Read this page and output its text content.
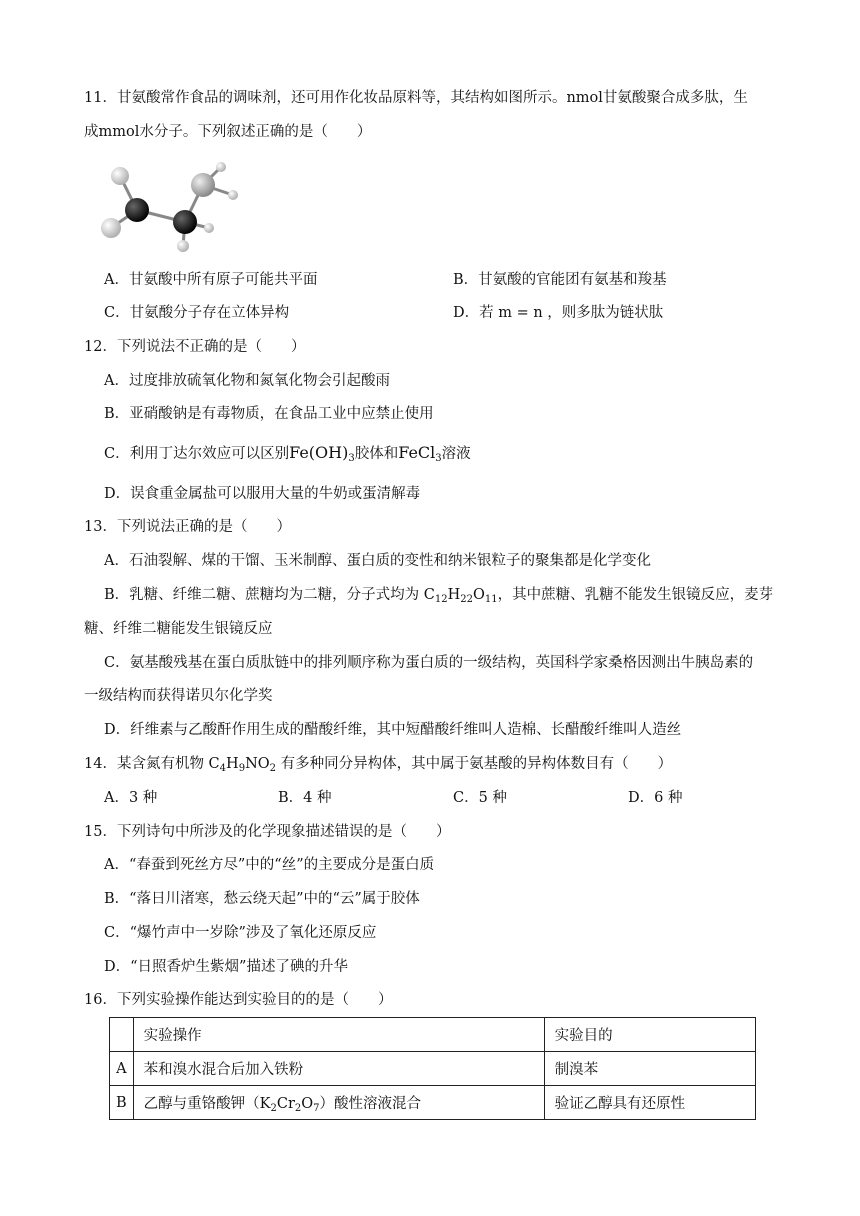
11．甘氨酸常作食品的调味剂，还可用作化妆品原料等，其结构如图所示。nmol甘氨酸聚合成多肽，生
成mmol水分子。下列叙述正确的是（　　）
A．甘氨酸中所有原子可能共平面	B．甘氨酸的官能团有氨基和羧基
C．甘氨酸分子存在立体异构	D．若 m = n ，则多肽为链状肽
12．下列说法不正确的是（　　）
A．过度排放硫氧化物和氮氧化物会引起酸雨
B．亚硝酸钠是有毒物质，在食品工业中应禁止使用
C．利用丁达尔效应可以区别$Fe(OH)_3$胶体和FeCl$_3$溶液
D．误食重金属盐可以服用大量的牛奶或蛋清解毒
13．下列说法正确的是（　　）
A．石油裂解、煤的干馏、玉米制醇、蛋白质的变性和纳米银粒子的聚集都是化学变化
B．乳糖、纤维二糖、蔗糖均为二糖，分子式均为 $C_{12}H_{22}O_{11}$，其中蔗糖、乳糖不能发生银镜反应，麦芽
糖、纤维二糖能发生银镜反应
C．氨基酸残基在蛋白质肽链中的排列顺序称为蛋白质的一级结构，英国科学家桑格因测出牛胰岛素的
一级结构而获得诺贝尔化学奖
D．纤维素与乙酸酐作用生成的醋酸纤维，其中短醋酸纤维叫人造棉、长醋酸纤维叫人造丝
14．某含氮有机物 $C_4H_9NO_2$ 有多种同分异构体，其中属于氨基酸的异构体数目有（　　）
A．3 种	B．4 种	C．5 种	D．6 种
15．下列诗句中所涉及的化学现象描述错误的是（　　）
A．“春蚕到死丝方尽”中的“丝”的主要成分是蛋白质
B．“落日川渚寒，愁云绕天起”中的“云”属于胶体
C．“爆竹声中一岁除”涉及了氧化还原反应
D．“日照香炉生紫烟”描述了碘的升华
16．下列实验操作能达到实验目的的是（　　）
	实验操作	实验目的
A	苯和溴水混合后加入铁粉	制溴苯
B	乙醇与重铬酸钾$(K_2Cr_2O_7)$酸性溶液混合	验证乙醇具有还原性
